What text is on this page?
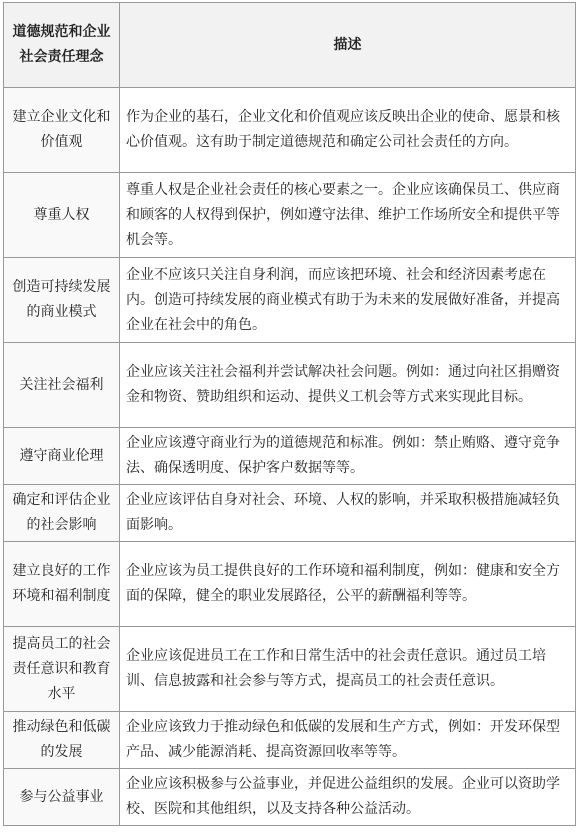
道德规范和企业社会责任理念	描述
建立企业文化和价值观	作为企业的基石，企业文化和价值观应该反映出企业的使命、愿景和核心价值观。这有助于制定道德规范和确定公司社会责任的方向。
尊重人权	尊重人权是企业社会责任的核心要素之一。企业应该确保员工、供应商和顾客的人权得到保护，例如遵守法律、维护工作场所安全和提供平等机会等。
创造可持续发展的商业模式	企业不应该只关注自身利润，而应该把环境、社会和经济因素考虑在内。创造可持续发展的商业模式有助于为未来的发展做好准备，并提高企业在社会中的角色。
关注社会福利	企业应该关注社会福利并尝试解决社会问题。例如：通过向社区捐赠资金和物资、赞助组织和运动、提供义工机会等方式来实现此目标。
遵守商业伦理	企业应该遵守商业行为的道德规范和标准。例如：禁止贿赂、遵守竞争法、确保透明度、保护客户数据等等。
确定和评估企业的社会影响	企业应该评估自身对社会、环境、人权的影响，并采取积极措施减轻负面影响。
建立良好的工作环境和福利制度	企业应该为员工提供良好的工作环境和福利制度，例如：健康和安全方面的保障，健全的职业发展路径，公平的薪酬福利等等。
提高员工的社会责任意识和教育水平	企业应该促进员工在工作和日常生活中的社会责任意识。通过员工培训、信息披露和社会参与等方式，提高员工的社会责任意识。
推动绿色和低碳的发展	企业应该致力于推动绿色和低碳的发展和生产方式，例如：开发环保型产品、减少能源消耗、提高资源回收率等等。
参与公益事业	企业应该积极参与公益事业，并促进公益组织的发展。企业可以资助学校、医院和其他组织，以及支持各种公益活动。
